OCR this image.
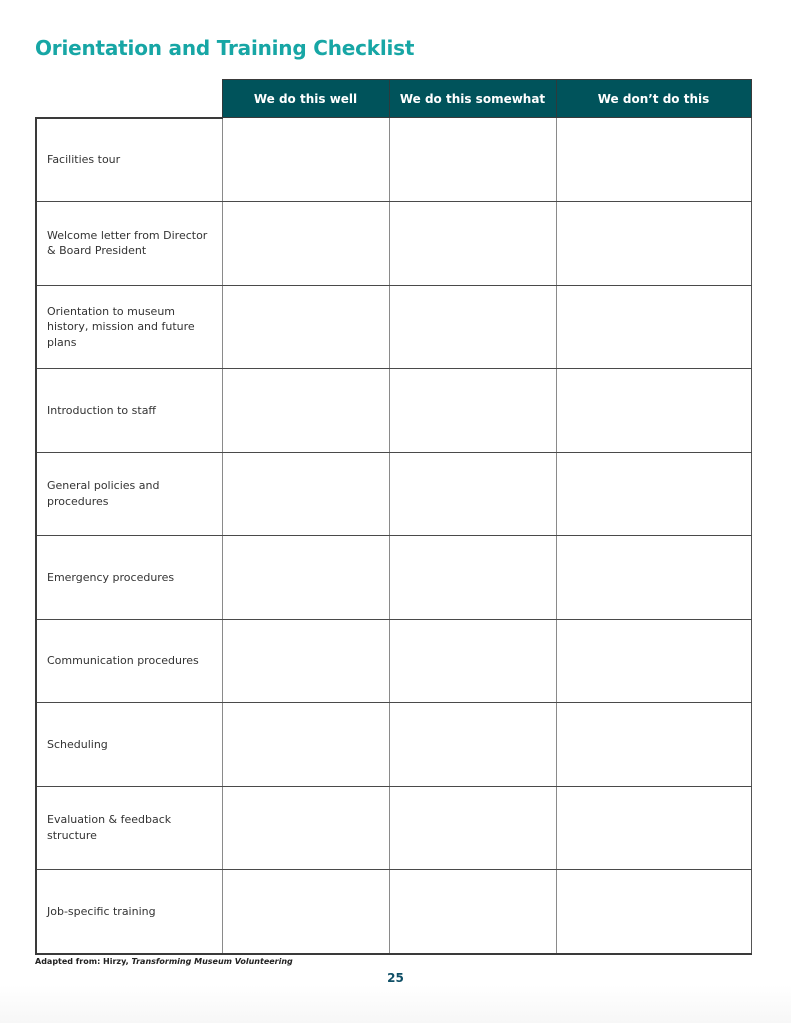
Orientation and Training Checklist
	We do this well	We do this somewhat	We don’t do this
Facilities tour			
Welcome letter from Director & Board President			
Orientation to museum history, mission and future plans			
Introduction to staff			
General policies and procedures			
Emergency procedures			
Communication procedures			
Scheduling			
Evaluation & feedback structure			
Job-specific training			
Adapted from: Hirzy, Transforming Museum Volunteering
25
